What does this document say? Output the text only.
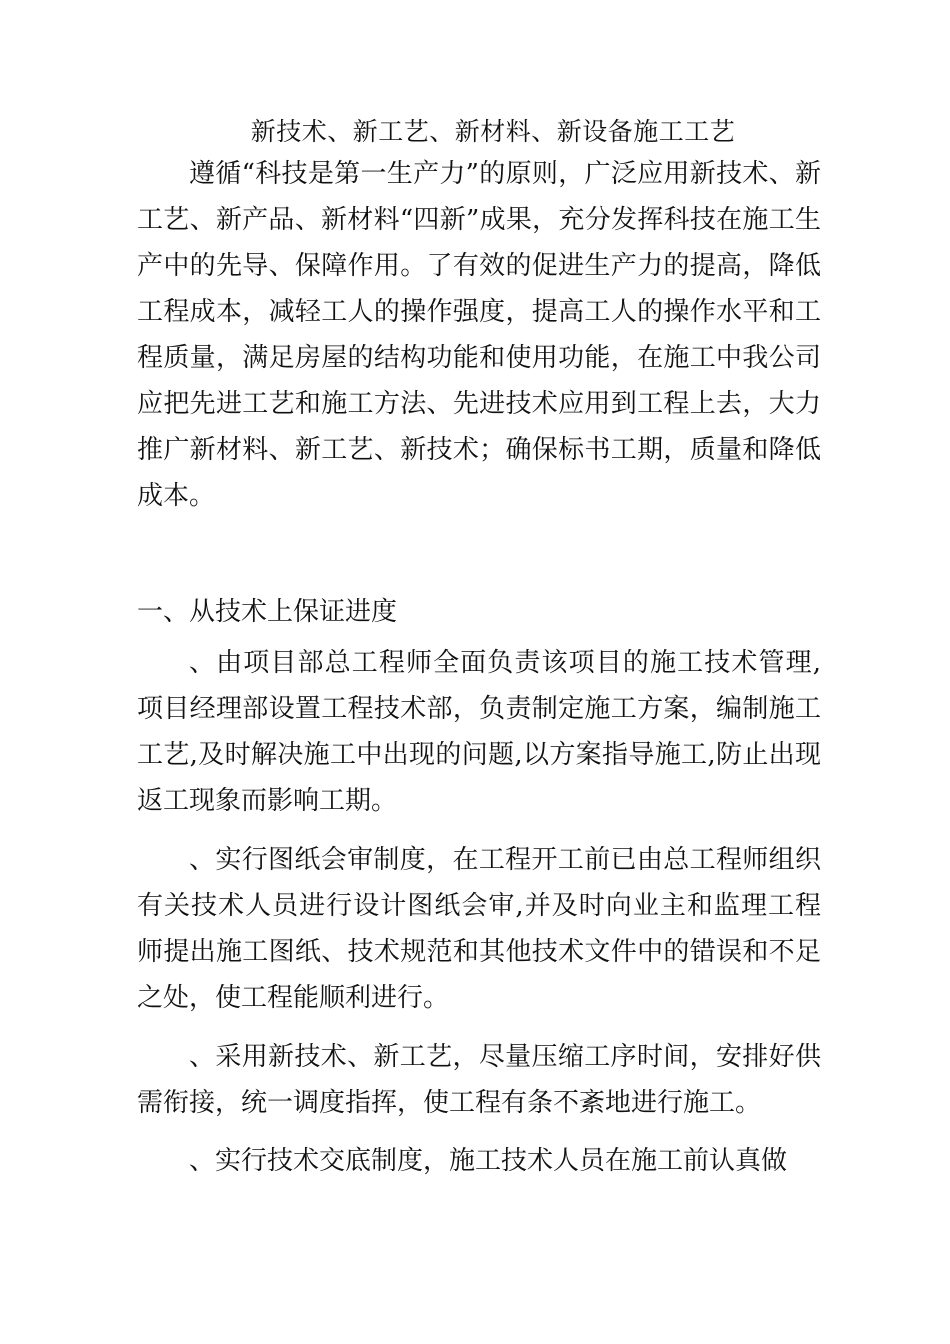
新技术、新工艺、新材料、新设备施工工艺
遵循“科技是第一生产力”的原则，广泛应用新技术、新工艺、新产品、新材料“四新”成果，充分发挥科技在施工生产中的先导、保障作用。了有效的促进生产力的提高，降低工程成本，减轻工人的操作强度，提高工人的操作水平和工程质量，满足房屋的结构功能和使用功能，在施工中我公司应把先进工艺和施工方法、先进技术应用到工程上去，大力推广新材料、新工艺、新技术；确保标书工期，质量和降低成本。
一、从技术上保证进度
、由项目部总工程师全面负责该项目的施工技术管理,项目经理部设置工程技术部，负责制定施工方案，编制施工工艺,及时解决施工中出现的问题,以方案指导施工,防止出现返工现象而影响工期。
、实行图纸会审制度，在工程开工前已由总工程师组织有关技术人员进行设计图纸会审,并及时向业主和监理工程师提出施工图纸、技术规范和其他技术文件中的错误和不足之处，使工程能顺利进行。
、采用新技术、新工艺，尽量压缩工序时间，安排好供需衔接，统一调度指挥，使工程有条不紊地进行施工。
、实行技术交底制度，施工技术人员在施工前认真做
